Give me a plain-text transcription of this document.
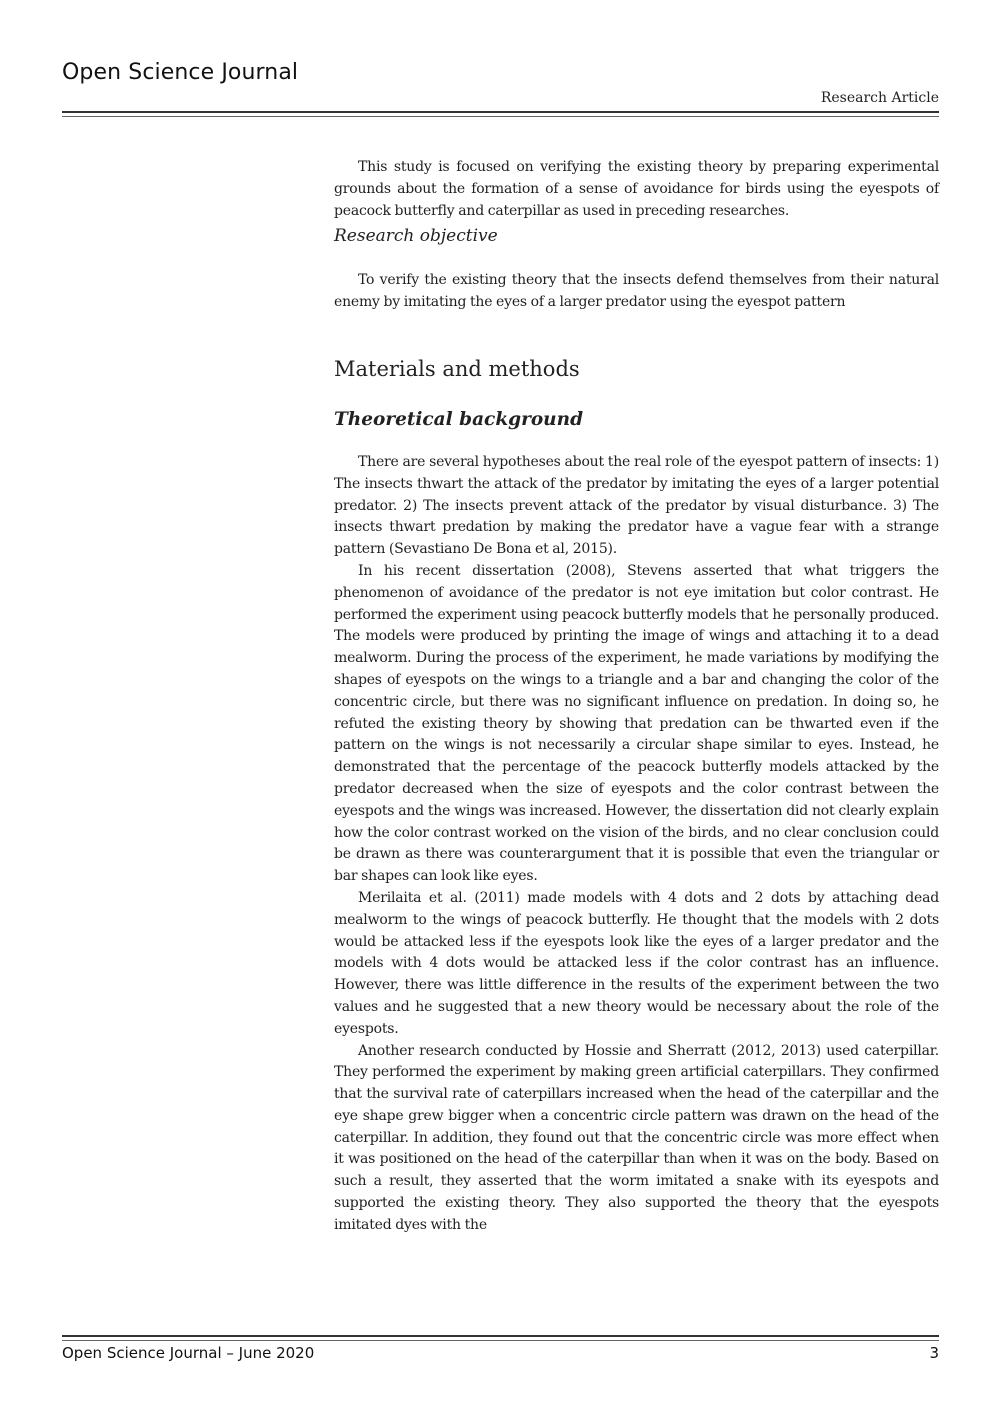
Open Science Journal
Research Article

This study is focused on verifying the existing theory by preparing experimental grounds about the formation of a sense of avoidance for birds using the eyespots of peacock butterfly and caterpillar as used in preceding researches.

Research objective

To verify the existing theory that the insects defend themselves from their natural enemy by imitating the eyes of a larger predator using the eyespot pattern

Materials and methods
Theoretical background

There are several hypotheses about the real role of the eyespot pattern of insects: 1) The insects thwart the attack of the predator by imitating the eyes of a larger potential predator. 2) The insects prevent attack of the predator by visual disturbance. 3) The insects thwart predation by making the predator have a vague fear with a strange pattern (Sevastiano De Bona et al, 2015).

In his recent dissertation (2008), Stevens asserted that what triggers the phenomenon of avoidance of the predator is not eye imitation but color contrast. He performed the experiment using peacock butterfly models that he personally produced. The models were produced by printing the image of wings and attaching it to a dead mealworm. During the process of the experiment, he made variations by modifying the shapes of eyespots on the wings to a triangle and a bar and changing the color of the concentric circle, but there was no significant influence on predation. In doing so, he refuted the existing theory by showing that predation can be thwarted even if the pattern on the wings is not necessarily a circular shape similar to eyes. Instead, he demonstrated that the percentage of the peacock butterfly models attacked by the predator decreased when the size of eyespots and the color contrast between the eyespots and the wings was increased. However, the dissertation did not clearly explain how the color contrast worked on the vision of the birds, and no clear conclusion could be drawn as there was counterargument that it is possible that even the triangular or bar shapes can look like eyes.

Merilaita et al. (2011) made models with 4 dots and 2 dots by attaching dead mealworm to the wings of peacock butterfly. He thought that the models with 2 dots would be attacked less if the eyespots look like the eyes of a larger predator and the models with 4 dots would be attacked less if the color contrast has an influence. However, there was little difference in the results of the experiment between the two values and he suggested that a new theory would be necessary about the role of the eyespots.

Another research conducted by Hossie and Sherratt (2012, 2013) used caterpillar. They performed the experiment by making green artificial caterpillars. They confirmed that the survival rate of caterpillars increased when the head of the caterpillar and the eye shape grew bigger when a concentric circle pattern was drawn on the head of the caterpillar. In addition, they found out that the concentric circle was more effect when it was positioned on the head of the caterpillar than when it was on the body. Based on such a result, they asserted that the worm imitated a snake with its eyespots and supported the existing theory. They also supported the theory that the eyespots imitated dyes with the

Open Science Journal – June 2020	3
